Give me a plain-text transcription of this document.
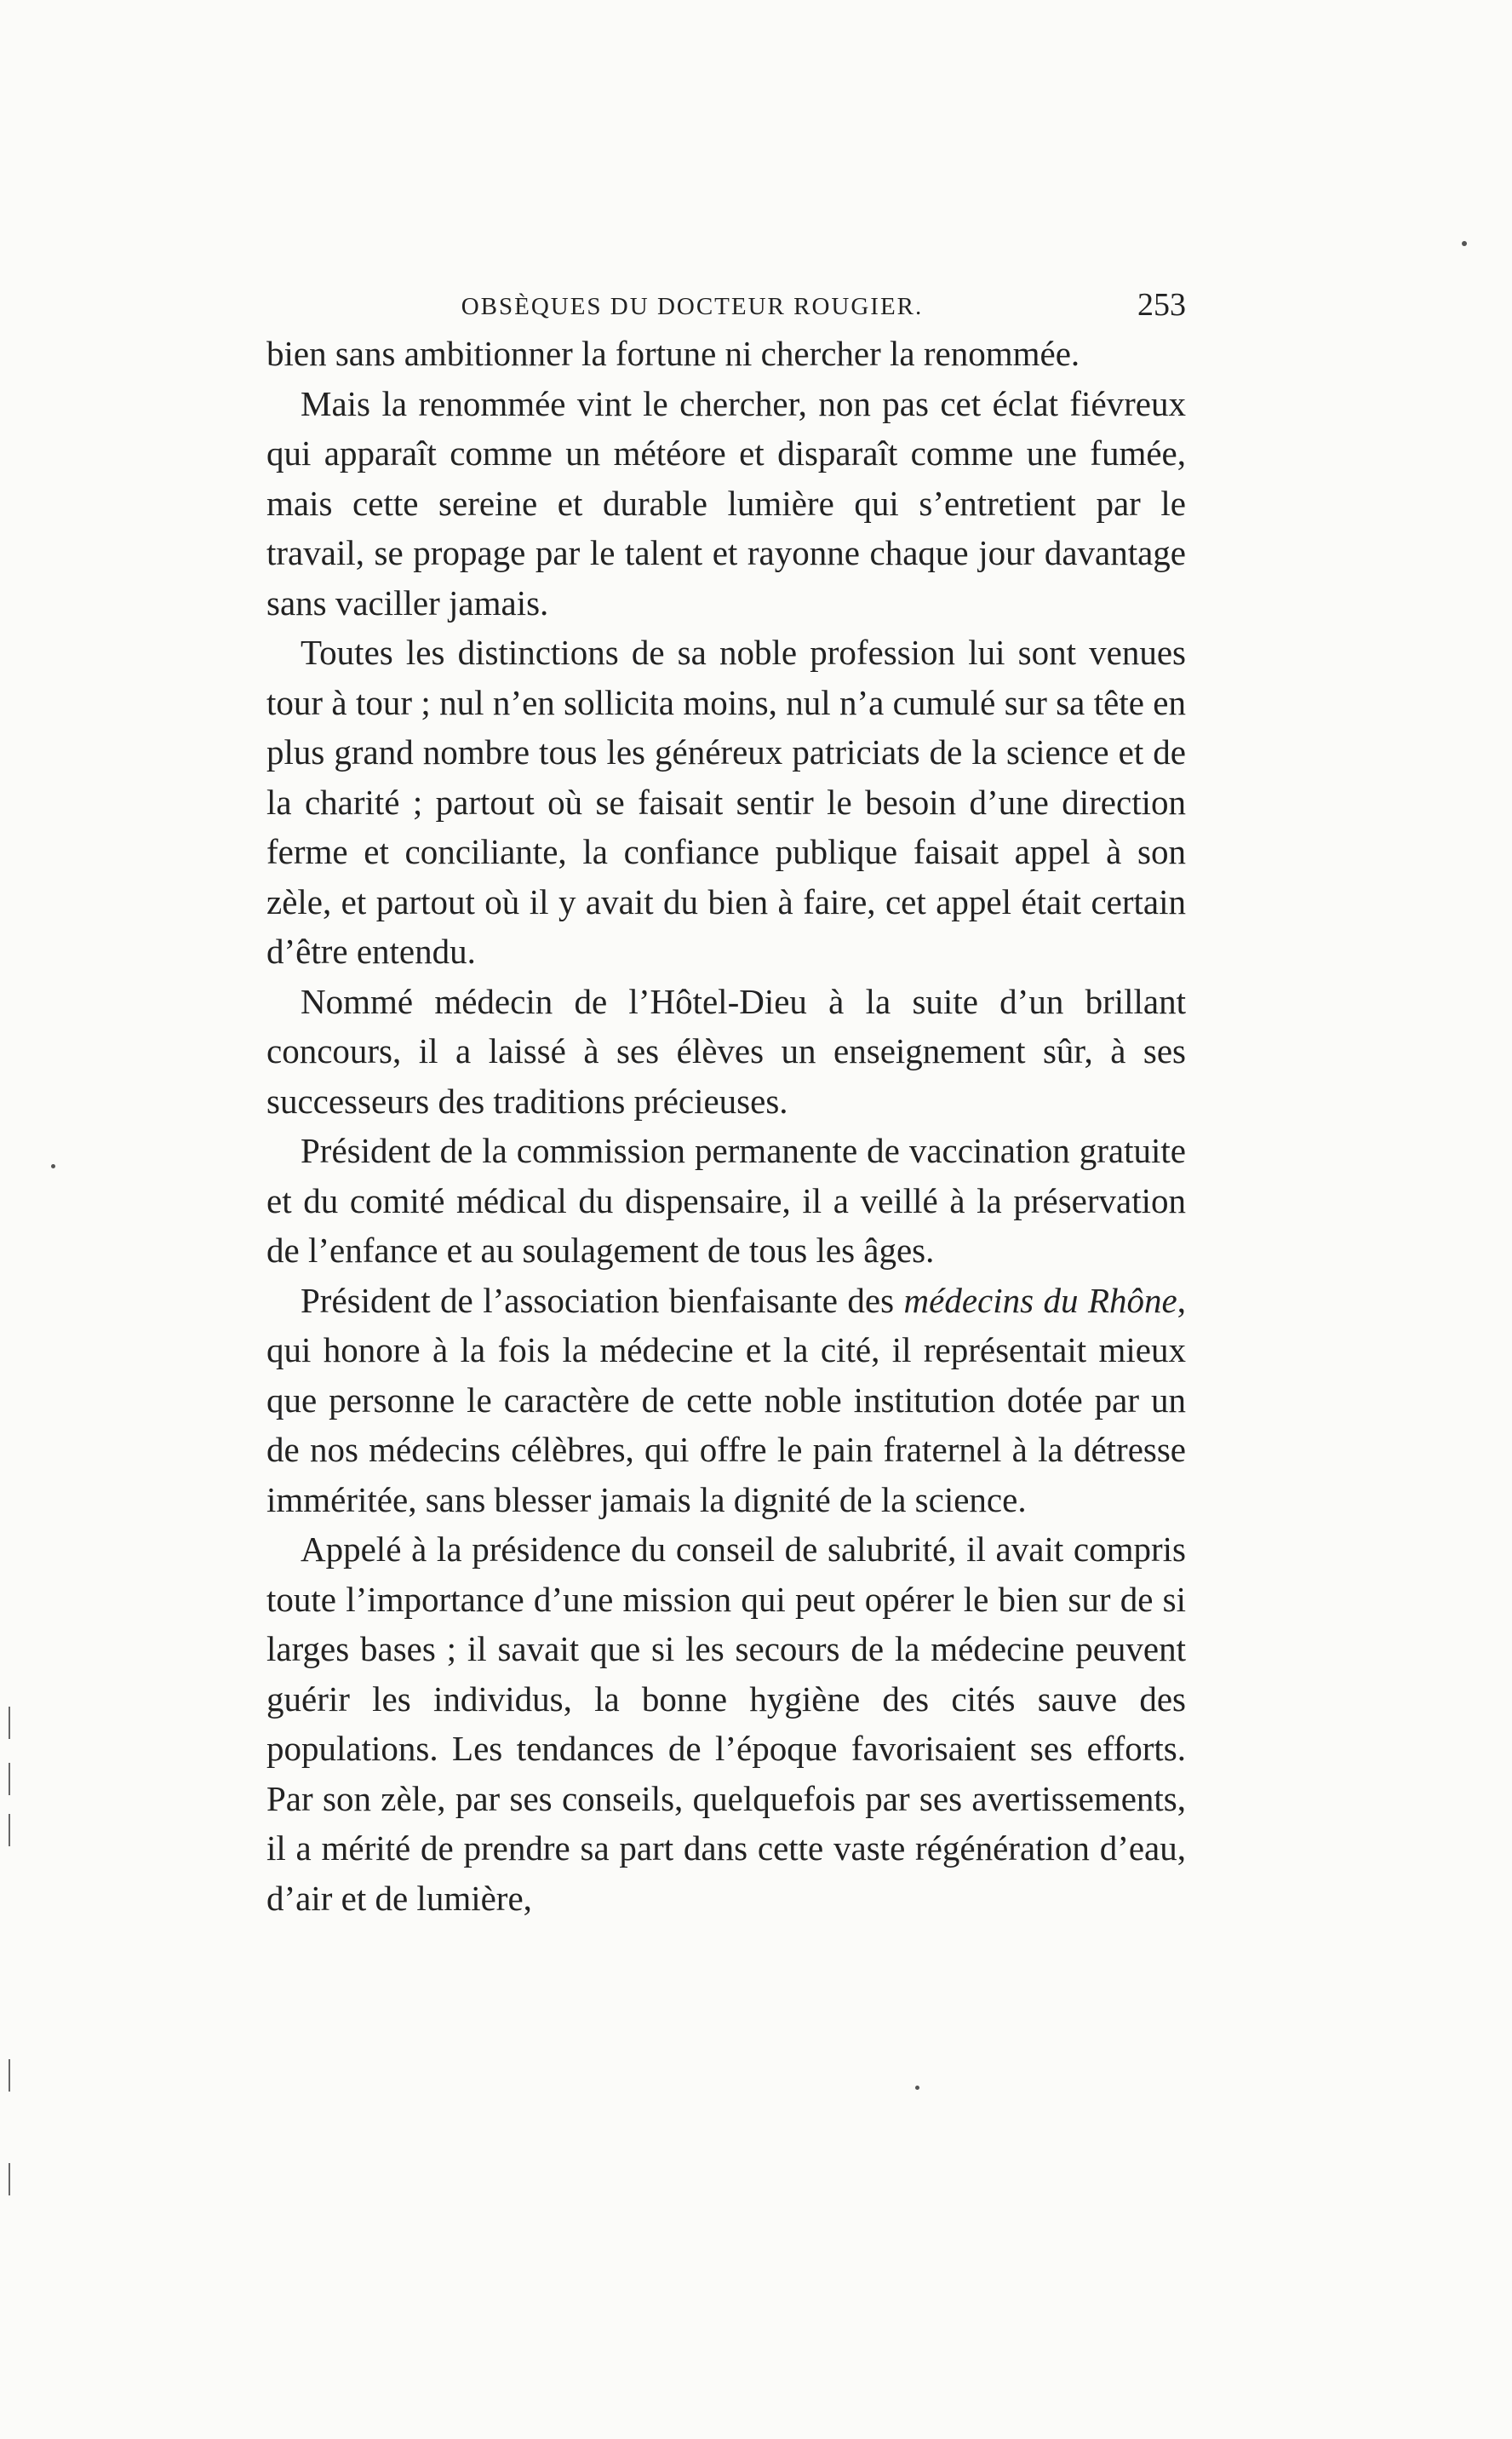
OBSÈQUES DU DOCTEUR ROUGIER.	253

bien sans ambitionner la fortune ni chercher la renommée.

Mais la renommée vint le chercher, non pas cet éclat fiévreux qui apparaît comme un météore et disparaît comme une fumée, mais cette sereine et durable lumière qui s’entretient par le travail, se propage par le talent et rayonne chaque jour davantage sans vaciller jamais.

Toutes les distinctions de sa noble profession lui sont venues tour à tour ; nul n’en sollicita moins, nul n’a cumulé sur sa tête en plus grand nombre tous les généreux patriciats de la science et de la charité ; partout où se faisait sentir le besoin d’une direction ferme et conciliante, la confiance publique faisait appel à son zèle, et partout où il y avait du bien à faire, cet appel était certain d’être entendu.

Nommé médecin de l’Hôtel-Dieu à la suite d’un brillant concours, il a laissé à ses élèves un enseignement sûr, à ses successeurs des traditions précieuses.

Président de la commission permanente de vaccination gratuite et du comité médical du dispensaire, il a veillé à la préservation de l’enfance et au soulagement de tous les âges.

Président de l’association bienfaisante des médecins du Rhône, qui honore à la fois la médecine et la cité, il représentait mieux que personne le caractère de cette noble institution dotée par un de nos médecins célèbres, qui offre le pain fraternel à la détresse imméritée, sans blesser jamais la dignité de la science.

Appelé à la présidence du conseil de salubrité, il avait compris toute l’importance d’une mission qui peut opérer le bien sur de si larges bases ; il savait que si les secours de la médecine peuvent guérir les individus, la bonne hygiène des cités sauve des populations. Les tendances de l’époque favorisaient ses efforts. Par son zèle, par ses conseils, quelquefois par ses avertissements, il a mérité de prendre sa part dans cette vaste régénération d’eau, d’air et de lumière,
